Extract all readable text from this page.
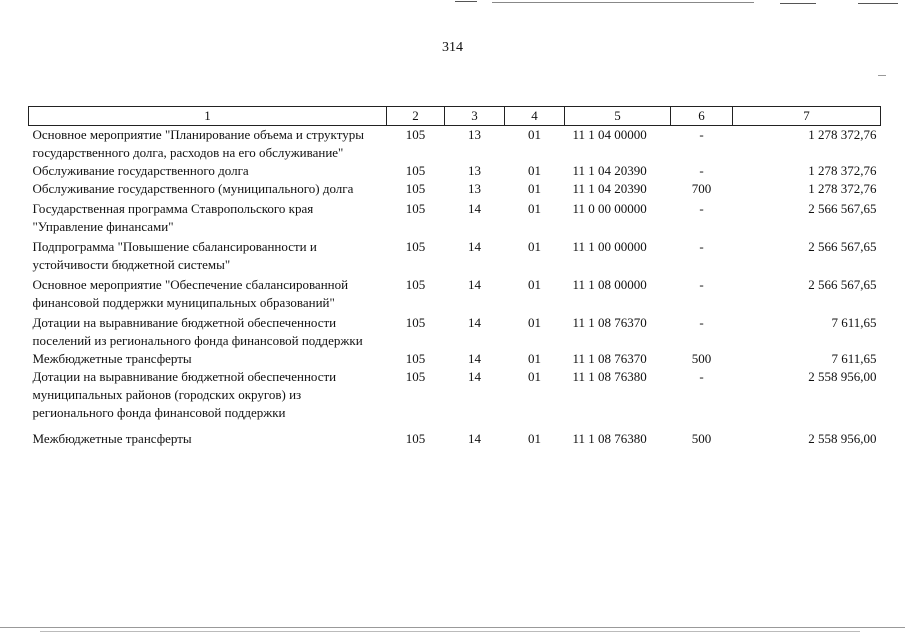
314
1	2	3	4	5	6	7
Основное мероприятие "Планирование объема и структуры государственного долга, расходов на его обслуживание"	105	13	01	11 1 04 00000	-	1 278 372,76
Обслуживание государственного долга	105	13	01	11 1 04 20390	-	1 278 372,76
Обслуживание государственного (муниципального) долга	105	13	01	11 1 04 20390	700	1 278 372,76
Государственная программа Ставропольского края "Управление финансами"	105	14	01	11 0 00 00000	-	2 566 567,65
Подпрограмма "Повышение сбалансированности и устойчивости бюджетной системы"	105	14	01	11 1 00 00000	-	2 566 567,65
Основное мероприятие "Обеспечение сбалансированной финансовой поддержки муниципальных образований"	105	14	01	11 1 08 00000	-	2 566 567,65
Дотации на выравнивание бюджетной обеспеченности поселений из регионального фонда финансовой поддержки	105	14	01	11 1 08 76370	-	7 611,65
Межбюджетные трансферты	105	14	01	11 1 08 76370	500	7 611,65
Дотации на выравнивание бюджетной обеспеченности муниципальных районов (городских округов) из регионального фонда финансовой поддержки	105	14	01	11 1 08 76380	-	2 558 956,00
Межбюджетные трансферты	105	14	01	11 1 08 76380	500	2 558 956,00
